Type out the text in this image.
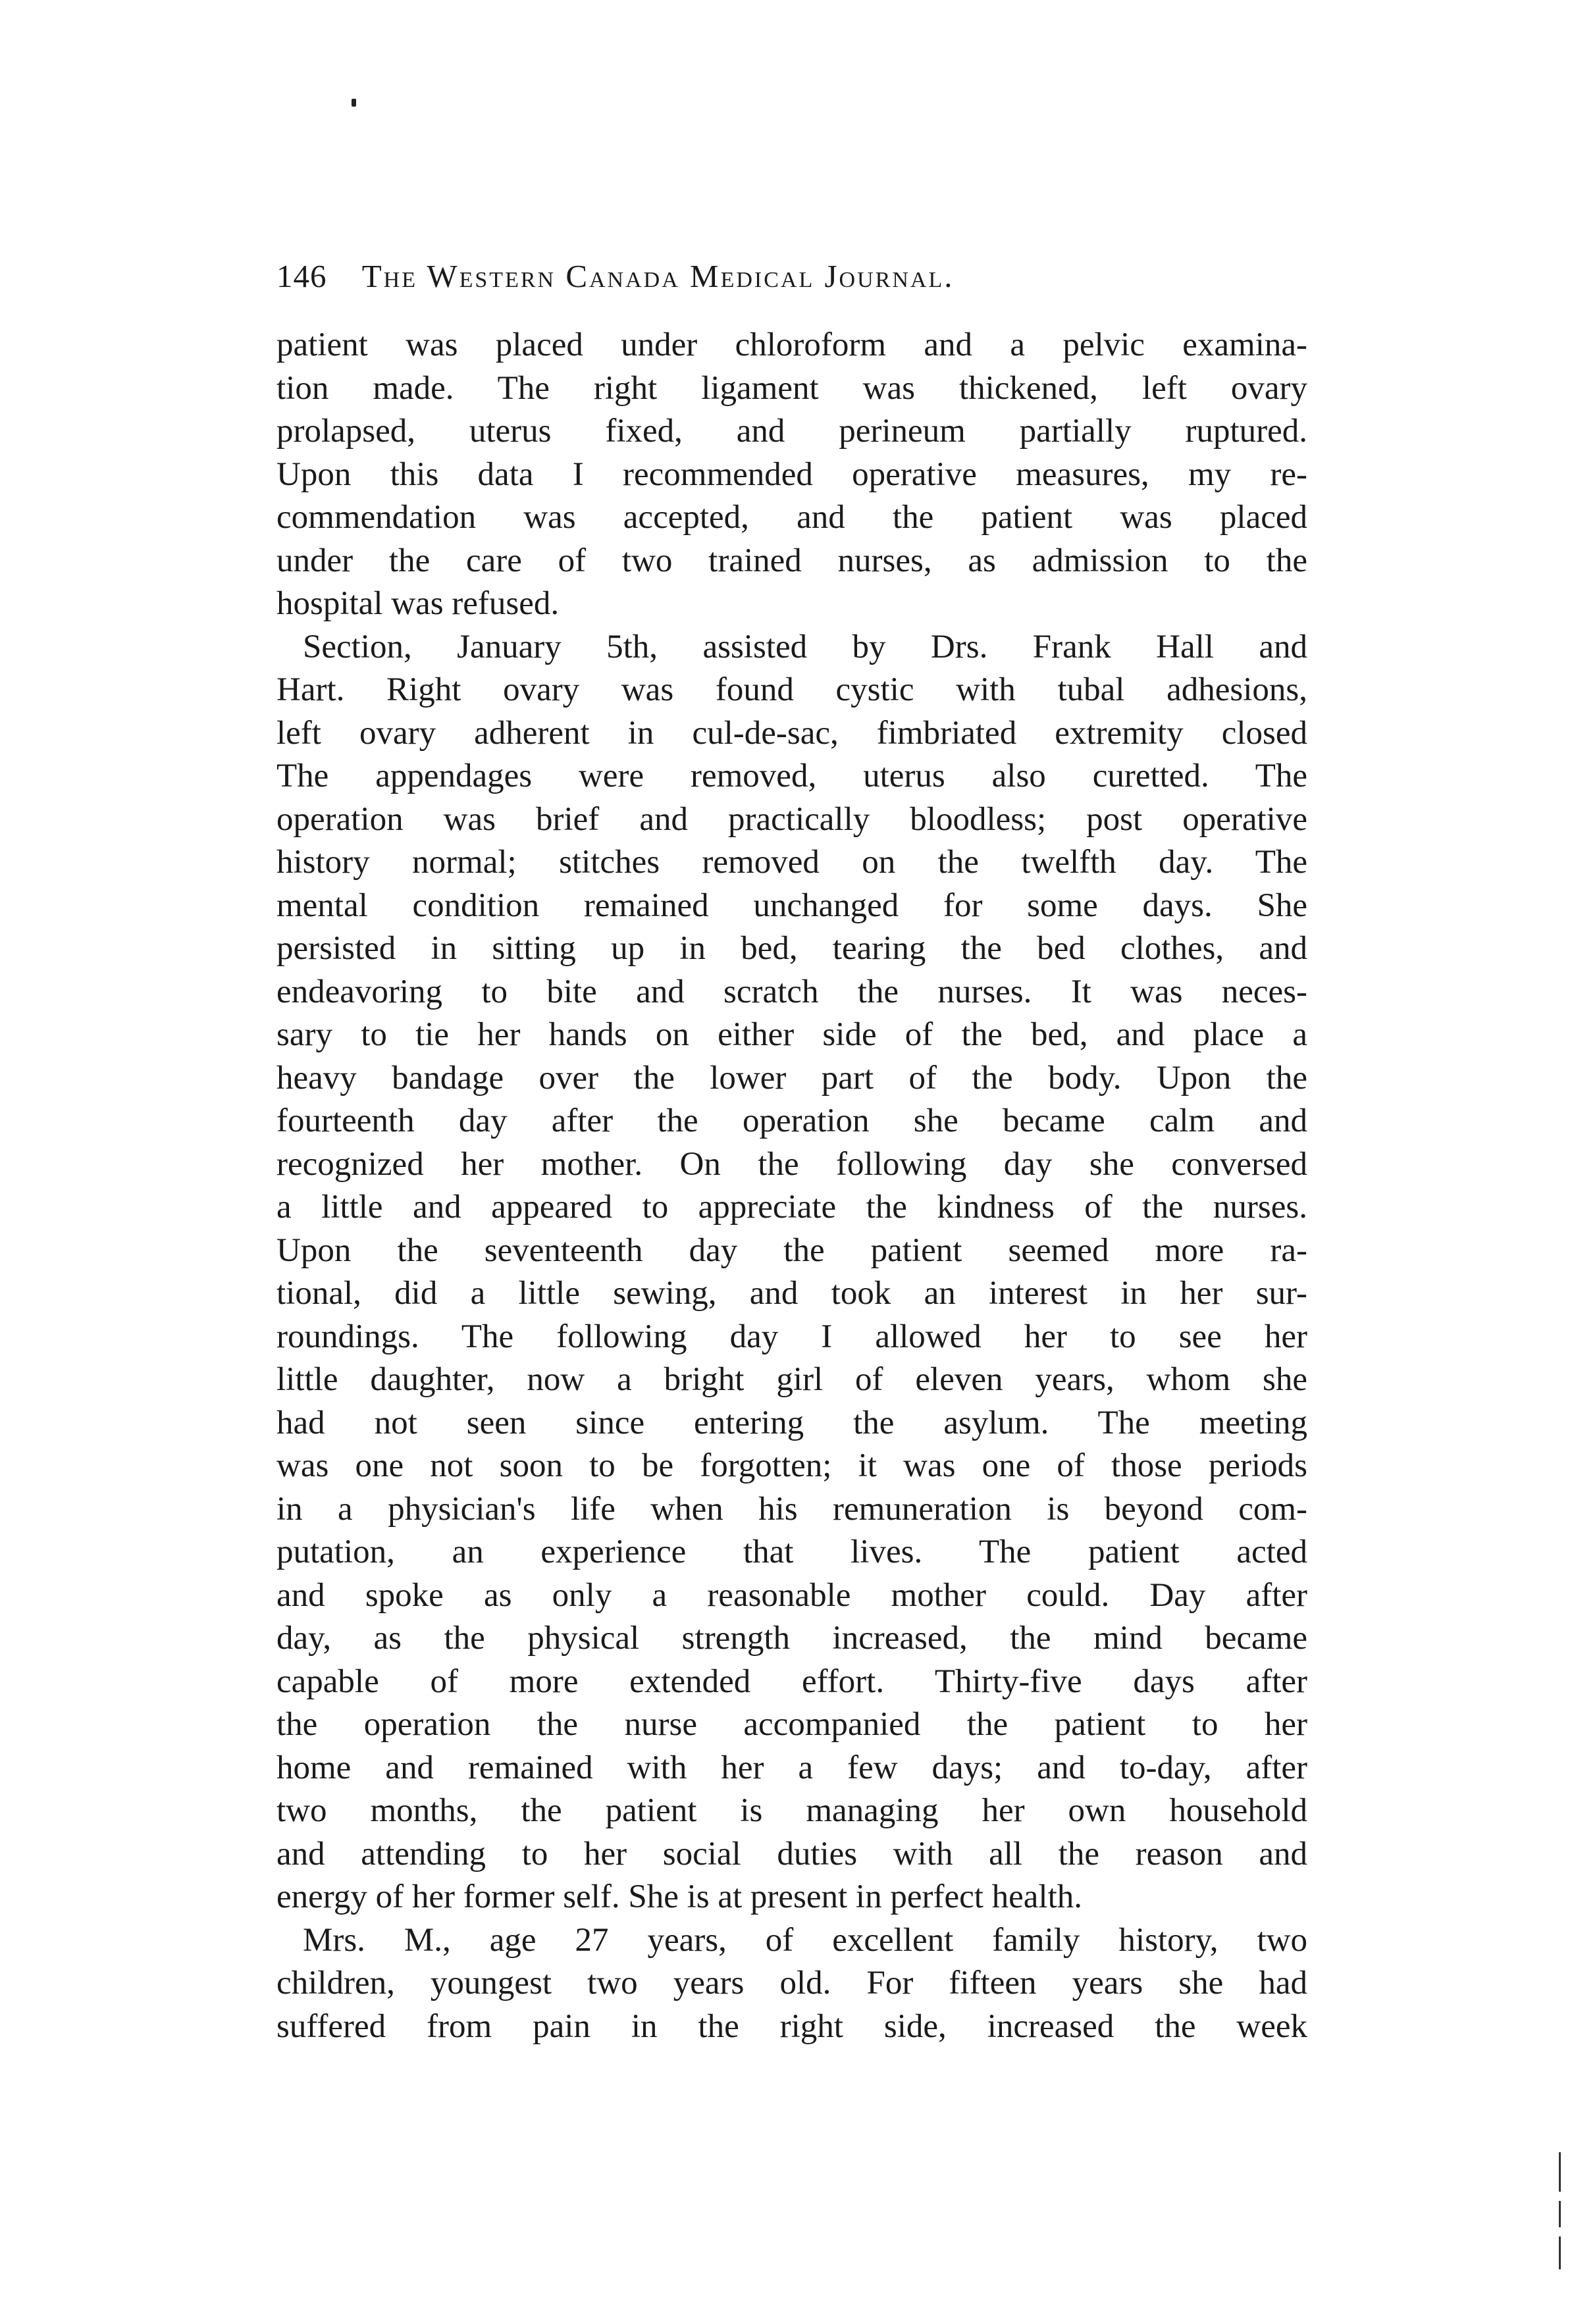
146 The Western Canada Medical Journal.
patient was placed under chloroform and a pelvic examina-
tion made. The right ligament was thickened, left ovary
prolapsed, uterus fixed, and perineum partially ruptured.
Upon this data I recommended operative measures, my re-
commendation was accepted, and the patient was placed
under the care of two trained nurses, as admission to the
hospital was refused.
Section, January 5th, assisted by Drs. Frank Hall and
Hart. Right ovary was found cystic with tubal adhesions,
left ovary adherent in cul-de-sac, fimbriated extremity closed
The appendages were removed, uterus also curetted. The
operation was brief and practically bloodless; post operative
history normal; stitches removed on the twelfth day. The
mental condition remained unchanged for some days. She
persisted in sitting up in bed, tearing the bed clothes, and
endeavoring to bite and scratch the nurses. It was neces-
sary to tie her hands on either side of the bed, and place a
heavy bandage over the lower part of the body. Upon the
fourteenth day after the operation she became calm and
recognized her mother. On the following day she conversed
a little and appeared to appreciate the kindness of the nurses.
Upon the seventeenth day the patient seemed more ra-
tional, did a little sewing, and took an interest in her sur-
roundings. The following day I allowed her to see her
little daughter, now a bright girl of eleven years, whom she
had not seen since entering the asylum. The meeting
was one not soon to be forgotten; it was one of those periods
in a physician's life when his remuneration is beyond com-
putation, an experience that lives. The patient acted
and spoke as only a reasonable mother could. Day after
day, as the physical strength increased, the mind became
capable of more extended effort. Thirty-five days after
the operation the nurse accompanied the patient to her
home and remained with her a few days; and to-day, after
two months, the patient is managing her own household
and attending to her social duties with all the reason and
energy of her former self. She is at present in perfect health.
Mrs. M., age 27 years, of excellent family history, two
children, youngest two years old. For fifteen years she had
suffered from pain in the right side, increased the week
